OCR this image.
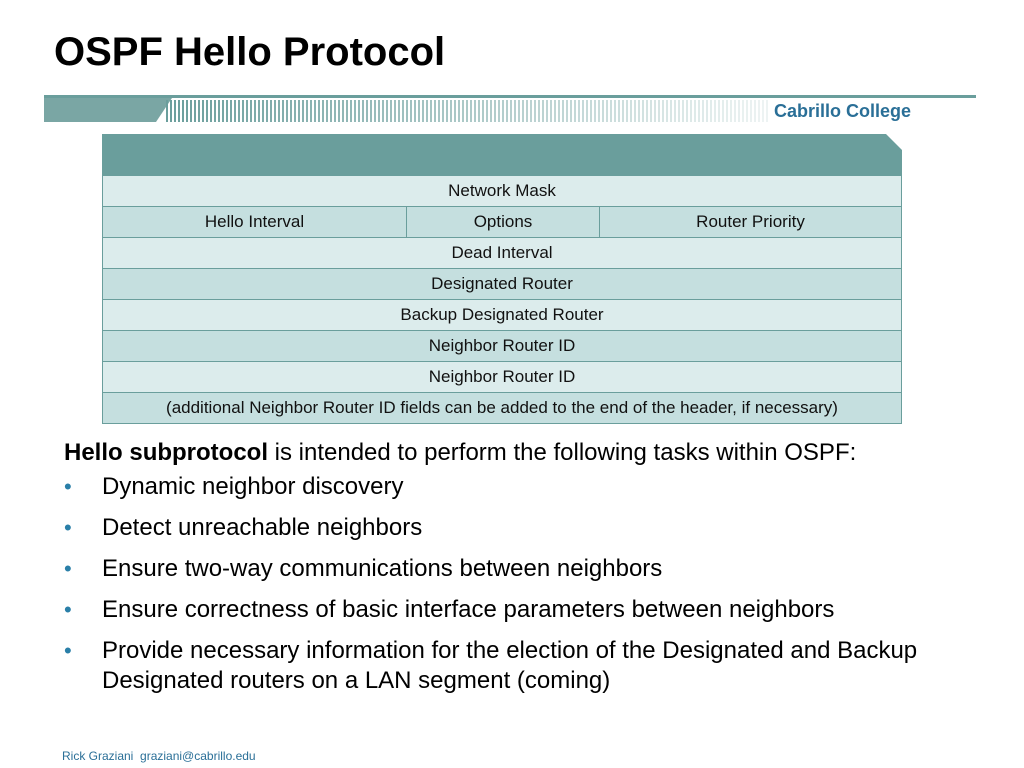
OSPF Hello Protocol
Cabrillo College
Network Mask
Hello Interval	Options	Router Priority
Dead Interval
Designated Router
Backup Designated Router
Neighbor Router ID
Neighbor Router ID
(additional Neighbor Router ID fields can be added to the end of the header, if necessary)

Hello subprotocol is intended to perform the following tasks within OSPF:

• Dynamic neighbor discovery
• Detect unreachable neighbors
• Ensure two-way communications between neighbors
• Ensure correctness of basic interface parameters between neighbors
• Provide necessary information for the election of the Designated and Backup Designated routers on a LAN segment (coming)
Rick Graziani graziani@cabrillo.edu
